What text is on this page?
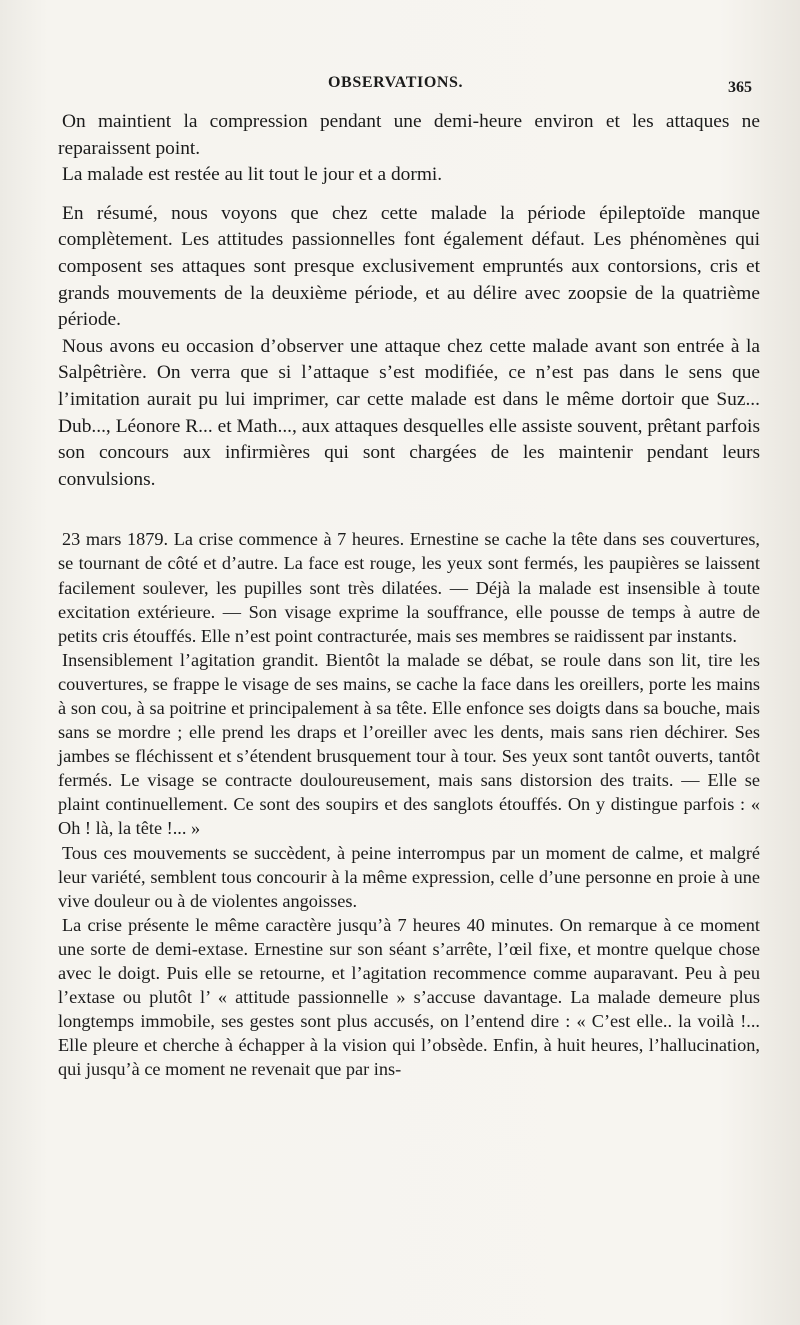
OBSERVATIONS.	365

On maintient la compression pendant une demi-heure environ et les attaques ne reparaissent point.

La malade est restée au lit tout le jour et a dormi.

En résumé, nous voyons que chez cette malade la période épileptoïde manque complètement. Les attitudes passionnelles font également défaut. Les phénomènes qui composent ses attaques sont presque exclusivement empruntés aux contorsions, cris et grands mouvements de la deuxième période, et au délire avec zoopsie de la quatrième période.

Nous avons eu occasion d’observer une attaque chez cette malade avant son entrée à la Salpêtrière. On verra que si l’attaque s’est modifiée, ce n’est pas dans le sens que l’imitation aurait pu lui imprimer, car cette malade est dans le même dortoir que Suz... Dub..., Léonore R... et Math..., aux attaques desquelles elle assiste souvent, prêtant parfois son concours aux infirmières qui sont chargées de les maintenir pendant leurs convulsions.

23 mars 1879. La crise commence à 7 heures. Ernestine se cache la tête dans ses couvertures, se tournant de côté et d’autre. La face est rouge, les yeux sont fermés, les paupières se laissent facilement soulever, les pupilles sont très dilatées. — Déjà la malade est insensible à toute excitation extérieure. — Son visage exprime la souffrance, elle pousse de temps à autre de petits cris étouffés. Elle n’est point contracturée, mais ses membres se raidissent par instants.

Insensiblement l’agitation grandit. Bientôt la malade se débat, se roule dans son lit, tire les couvertures, se frappe le visage de ses mains, se cache la face dans les oreillers, porte les mains à son cou, à sa poitrine et principalement à sa tête. Elle enfonce ses doigts dans sa bouche, mais sans se mordre ; elle prend les draps et l’oreiller avec les dents, mais sans rien déchirer. Ses jambes se fléchissent et s’étendent brusquement tour à tour. Ses yeux sont tantôt ouverts, tantôt fermés. Le visage se contracte douloureusement, mais sans distorsion des traits. — Elle se plaint continuellement. Ce sont des soupirs et des sanglots étouffés. On y distingue parfois : « Oh ! là, la tête !... »

Tous ces mouvements se succèdent, à peine interrompus par un moment de calme, et malgré leur variété, semblent tous concourir à la même expression, celle d’une personne en proie à une vive douleur ou à de violentes angoisses.

La crise présente le même caractère jusqu’à 7 heures 40 minutes. On remarque à ce moment une sorte de demi-extase. Ernestine sur son séant s’arrête, l’œil fixe, et montre quelque chose avec le doigt. Puis elle se retourne, et l’agitation recommence comme auparavant. Peu à peu l’extase ou plutôt l’ « attitude passionnelle » s’accuse davantage. La malade demeure plus longtemps immobile, ses gestes sont plus accusés, on l’entend dire : « C’est elle.. la voilà !... Elle pleure et cherche à échapper à la vision qui l’obsède. Enfin, à huit heures, l’hallucination, qui jusqu’à ce moment ne revenait que par ins-
